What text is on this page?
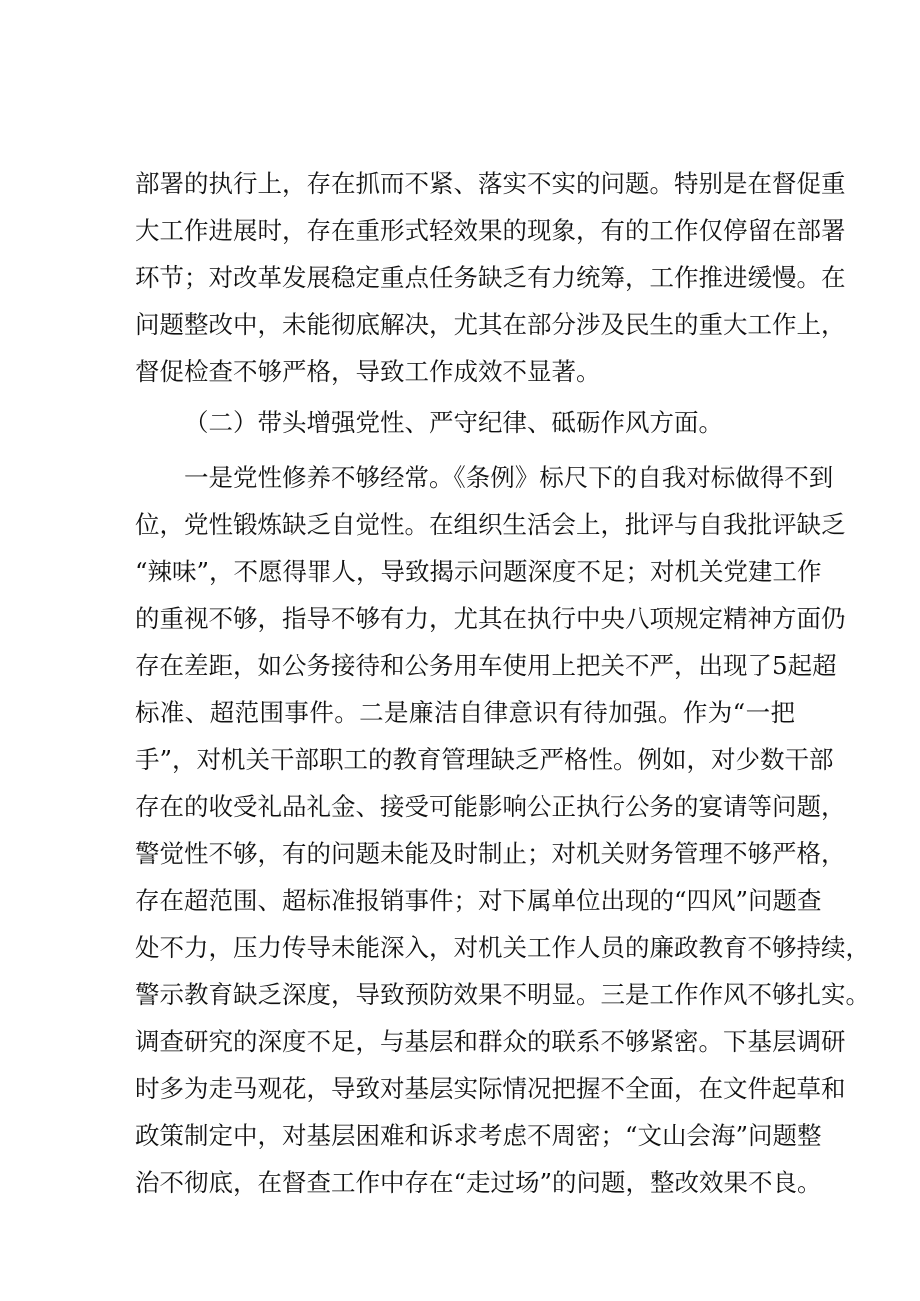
部署的执行上，存在抓而不紧、落实不实的问题。特别是在督促重
大工作进展时，存在重形式轻效果的现象，有的工作仅停留在部署
环节；对改革发展稳定重点任务缺乏有力统筹，工作推进缓慢。在
问题整改中，未能彻底解决，尤其在部分涉及民生的重大工作上，
督促检查不够严格，导致工作成效不显著。
（二）带头增强党性、严守纪律、砥砺作风方面。
一是党性修养不够经常。《条例》标尺下的自我对标做得不到
位，党性锻炼缺乏自觉性。在组织生活会上，批评与自我批评缺乏
“辣味”，不愿得罪人，导致揭示问题深度不足；对机关党建工作
的重视不够，指导不够有力，尤其在执行中央八项规定精神方面仍
存在差距，如公务接待和公务用车使用上把关不严，出现了5起超
标准、超范围事件。二是廉洁自律意识有待加强。作为“一把
手”，对机关干部职工的教育管理缺乏严格性。例如，对少数干部
存在的收受礼品礼金、接受可能影响公正执行公务的宴请等问题，
警觉性不够，有的问题未能及时制止；对机关财务管理不够严格，
存在超范围、超标准报销事件；对下属单位出现的“四风”问题查
处不力，压力传导未能深入，对机关工作人员的廉政教育不够持续，
警示教育缺乏深度，导致预防效果不明显。三是工作作风不够扎实。
调查研究的深度不足，与基层和群众的联系不够紧密。下基层调研
时多为走马观花，导致对基层实际情况把握不全面，在文件起草和
政策制定中，对基层困难和诉求考虑不周密；“文山会海”问题整
治不彻底，在督查工作中存在“走过场”的问题，整改效果不良。
